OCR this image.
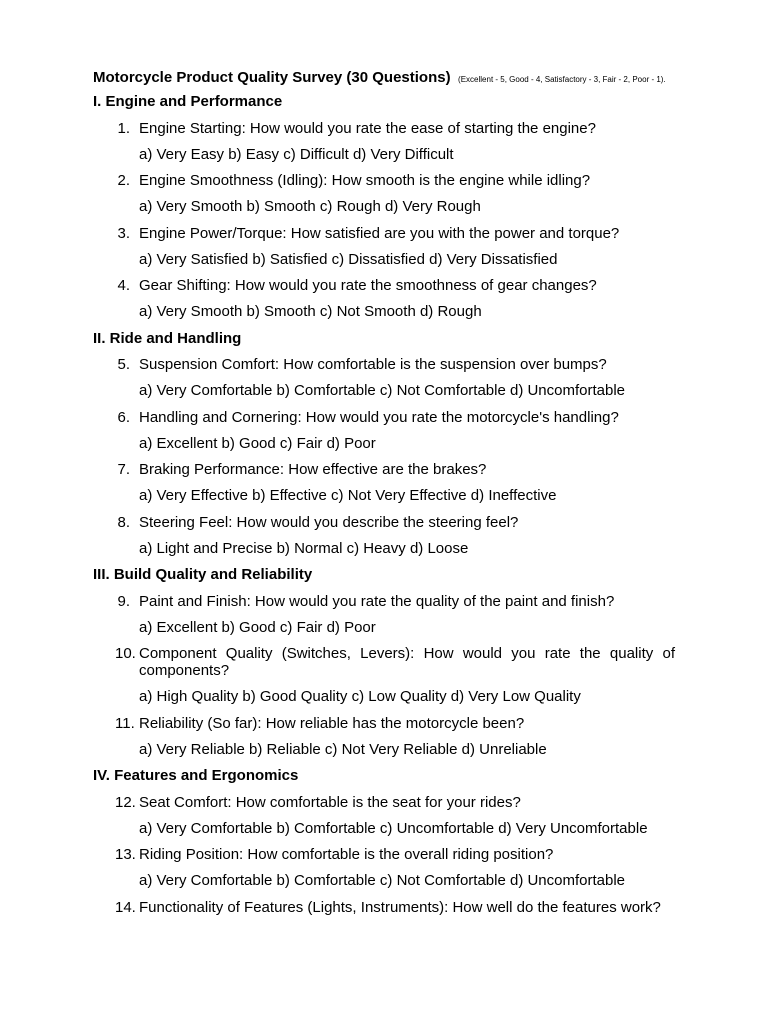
Motorcycle Product Quality Survey (30 Questions) (Excellent - 5, Good - 4, Satisfactory - 3, Fair - 2, Poor - 1).
I. Engine and Performance
1. Engine Starting: How would you rate the ease of starting the engine?
a) Very Easy b) Easy c) Difficult d) Very Difficult
2. Engine Smoothness (Idling): How smooth is the engine while idling?
a) Very Smooth b) Smooth c) Rough d) Very Rough
3. Engine Power/Torque: How satisfied are you with the power and torque?
a) Very Satisfied b) Satisfied c) Dissatisfied d) Very Dissatisfied
4. Gear Shifting: How would you rate the smoothness of gear changes?
a) Very Smooth b) Smooth c) Not Smooth d) Rough
II. Ride and Handling
5. Suspension Comfort: How comfortable is the suspension over bumps?
a) Very Comfortable b) Comfortable c) Not Comfortable d) Uncomfortable
6. Handling and Cornering: How would you rate the motorcycle's handling?
a) Excellent b) Good c) Fair d) Poor
7. Braking Performance: How effective are the brakes?
a) Very Effective b) Effective c) Not Very Effective d) Ineffective
8. Steering Feel: How would you describe the steering feel?
a) Light and Precise b) Normal c) Heavy d) Loose
III. Build Quality and Reliability
9. Paint and Finish: How would you rate the quality of the paint and finish?
a) Excellent b) Good c) Fair d) Poor
10. Component Quality (Switches, Levers): How would you rate the quality of components?
a) High Quality b) Good Quality c) Low Quality d) Very Low Quality
11. Reliability (So far): How reliable has the motorcycle been?
a) Very Reliable b) Reliable c) Not Very Reliable d) Unreliable
IV. Features and Ergonomics
12. Seat Comfort: How comfortable is the seat for your rides?
a) Very Comfortable b) Comfortable c) Uncomfortable d) Very Uncomfortable
13. Riding Position: How comfortable is the overall riding position?
a) Very Comfortable b) Comfortable c) Not Comfortable d) Uncomfortable
14. Functionality of Features (Lights, Instruments): How well do the features work?
